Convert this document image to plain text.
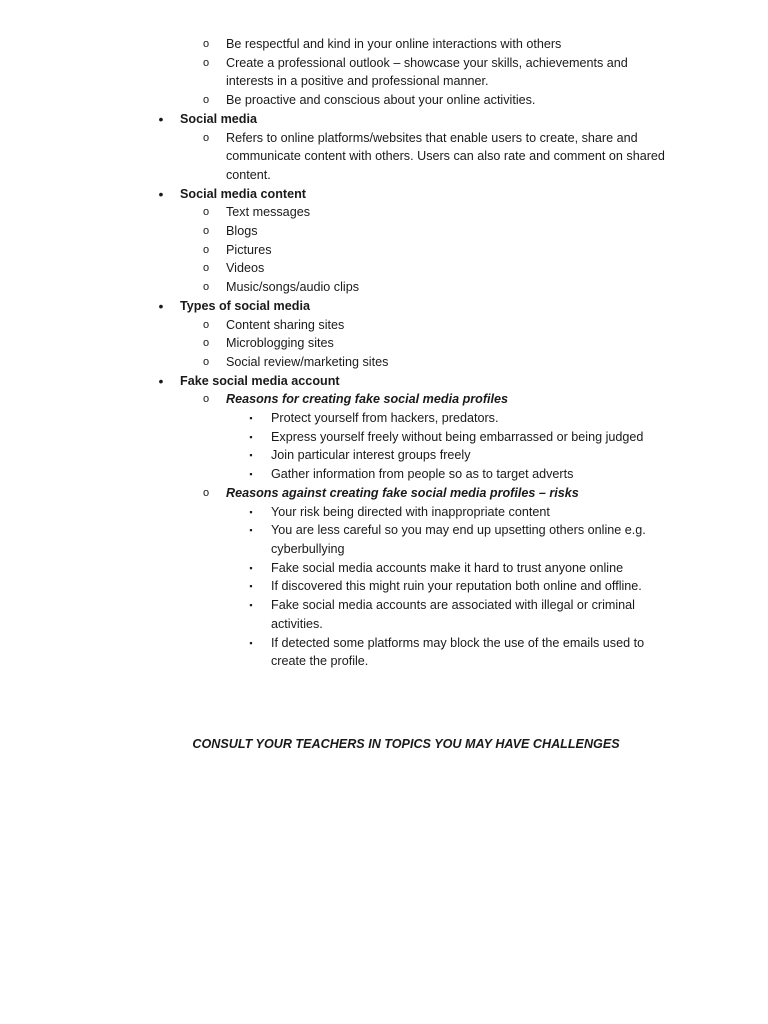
o	Be respectful and kind in your online interactions with others
o	Create a professional outlook – showcase your skills, achievements and interests in a positive and professional manner.
o	Be proactive and conscious about your online activities.
•	Social media
o	Refers to online platforms/websites that enable users to create, share and communicate content with others. Users can also rate and comment on shared content.
•	Social media content
o	Text messages
o	Blogs
o	Pictures
o	Videos
o	Music/songs/audio clips
•	Types of social media
o	Content sharing sites
o	Microblogging sites
o	Social review/marketing sites
•	Fake social media account
o	Reasons for creating fake social media profiles
▪	Protect yourself from hackers, predators.
▪	Express yourself freely without being embarrassed or being judged
▪	Join particular interest groups freely
▪	Gather information from people so as to target adverts
o	Reasons against creating fake social media profiles – risks
▪	Your risk being directed with inappropriate content
▪	You are less careful so you may end up upsetting others online e.g. cyberbullying
▪	Fake social media accounts make it hard to trust anyone online
▪	If discovered this might ruin your reputation both online and offline.
▪	Fake social media accounts are associated with illegal or criminal activities.
▪	If detected some platforms may block the use of the emails used to create the profile.
CONSULT YOUR TEACHERS IN TOPICS YOU MAY HAVE CHALLENGES
